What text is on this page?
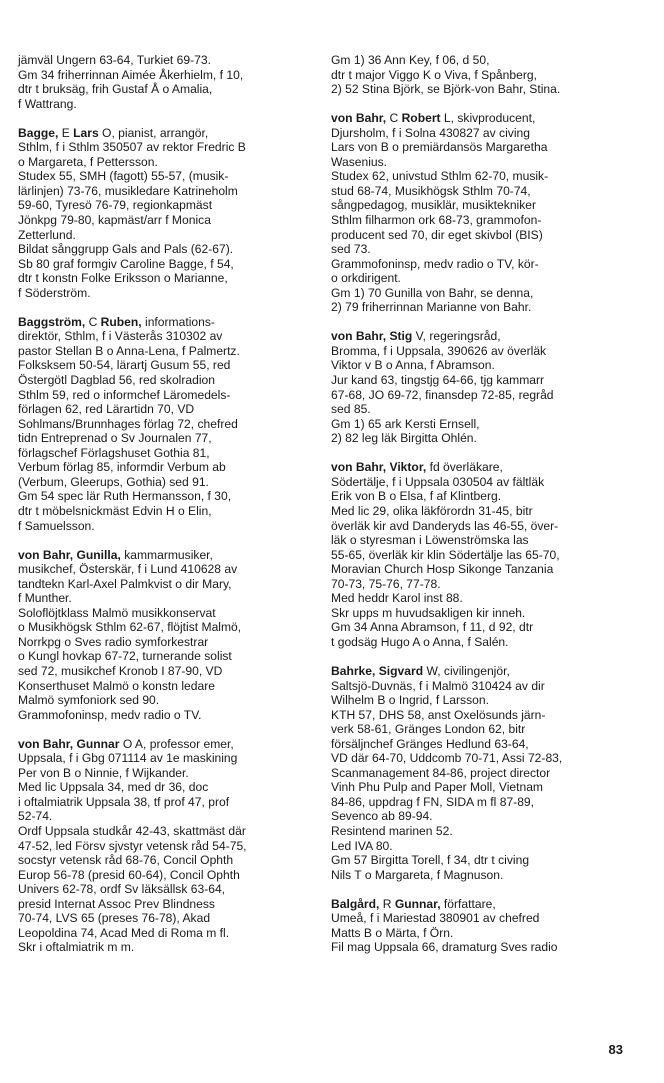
jämväl Ungern 63-64, Turkiet 69-73.
Gm 34 friherrinnan Aimée Åkerhielm, f 10,
dtr t bruksäg, frih Gustaf Å o Amalia,
f Wattrang.
Bagge, E Lars O, pianist, arrangör,
Sthlm, f i Sthlm 350507 av rektor Fredric B
o Margareta, f Pettersson.
Studex 55, SMH (fagott) 55-57, (musik-
lärlinjen) 73-76, musikledare Katrineholm
59-60, Tyresö 76-79, regionkapmäst
Jönkpg 79-80, kapmäst/arr f Monica
Zetterlund.
Bildat sånggrupp Gals and Pals (62-67).
Sb 80 graf formgiv Caroline Bagge, f 54,
dtr t konstn Folke Eriksson o Marianne,
f Söderström.
Baggström, C Ruben, informations-
direktör, Sthlm, f i Västerås 310302 av
pastor Stellan B o Anna-Lena, f Palmertz.
Folksksem 50-54, lärartj Gusum 55, red
Östergötl Dagblad 56, red skolradion
Sthlm 59, red o informchef Läromedels-
förlagen 62, red Lärartidn 70, VD
Sohlmans/Brunnhages förlag 72, chefred
tidn Entreprenad o Sv Journalen 77,
förlagschef Förlagshuset Gothia 81,
Verbum förlag 85, informdir Verbum ab
(Verbum, Gleerups, Gothia) sed 91.
Gm 54 spec lär Ruth Hermansson, f 30,
dtr t möbelsnickmäst Edvin H o Elin,
f Samuelsson.
von Bahr, Gunilla, kammarmusiker,
musikchef, Österskär, f i Lund 410628 av
tandtekn Karl-Axel Palmkvist o dir Mary,
f Munther.
Soloflöjtklass Malmö musikkonservat
o Musikhögsk Sthlm 62-67, flöjtist Malmö,
Norrkpg o Sves radio symforkestrar
o Kungl hovkap 67-72, turnerande solist
sed 72, musikchef Kronob I 87-90, VD
Konserthuset Malmö o konstn ledare
Malmö symfoniork sed 90.
Grammofoninsp, medv radio o TV.
von Bahr, Gunnar O A, professor emer,
Uppsala, f i Gbg 071114 av 1e maskining
Per von B o Ninnie, f Wijkander.
Med lic Uppsala 34, med dr 36, doc
i oftalmiatrik Uppsala 38, tf prof 47, prof
52-74.
Ordf Uppsala studkår 42-43, skattmäst där
47-52, led Försv sjvstyr vetensk råd 54-75,
socstyr vetensk råd 68-76, Concil Ophth
Europ 56-78 (presid 60-64), Concil Ophth
Univers 62-78, ordf Sv läksällsk 63-64,
presid Internat Assoc Prev Blindness
70-74, LVS 65 (preses 76-78), Akad
Leopoldina 74, Acad Med di Roma m fl.
Skr i oftalmiatrik m m.
Gm 1) 36 Ann Key, f 06, d 50,
dtr t major Viggo K o Viva, f Spånberg,
2) 52 Stina Björk, se Björk-von Bahr, Stina.
von Bahr, C Robert L, skivproducent,
Djursholm, f i Solna 430827 av civing
Lars von B o premiärdansös Margaretha
Wasenius.
Studex 62, univstud Sthlm 62-70, musik-
stud 68-74, Musikhögsk Sthlm 70-74,
sångpedagog, musiklär, musiktekniker
Sthlm filharmon ork 68-73, grammofon-
producent sed 70, dir eget skivbol (BIS)
sed 73.
Grammofoninsp, medv radio o TV, kör-
o orkdirigent.
Gm 1) 70 Gunilla von Bahr, se denna,
2) 79 friherrinnan Marianne von Bahr.
von Bahr, Stig V, regeringsråd,
Bromma, f i Uppsala, 390626 av överläk
Viktor v B o Anna, f Abramson.
Jur kand 63, tingstjg 64-66, tjg kammarr
67-68, JO 69-72, finansdep 72-85, regråd
sed 85.
Gm 1) 65 ark Kersti Ernsell,
2) 82 leg läk Birgitta Ohlén.
von Bahr, Viktor, fd överläkare,
Södertälje, f i Uppsala 030504 av fältläk
Erik von B o Elsa, f af Klintberg.
Med lic 29, olika läkförordn 31-45, bitr
överläk kir avd Danderyds las 46-55, över-
läk o styresman i Löwenströmska las
55-65, överläk kir klin Södertälje las 65-70,
Moravian Church Hosp Sikonge Tanzania
70-73, 75-76, 77-78.
Med heddr Karol inst 88.
Skr upps m huvudsakligen kir inneh.
Gm 34 Anna Abramson, f 11, d 92, dtr
t godsäg Hugo A o Anna, f Salén.
Bahrke, Sigvard W, civilingenjör,
Saltsjö-Duvnäs, f i Malmö 310424 av dir
Wilhelm B o Ingrid, f Larsson.
KTH 57, DHS 58, anst Oxelösunds järn-
verk 58-61, Gränges London 62, bitr
försäljnchef Gränges Hedlund 63-64,
VD där 64-70, Uddcomb 70-71, Assi 72-83,
Scanmanagement 84-86, project director
Vinh Phu Pulp and Paper Moll, Vietnam
84-86, uppdrag f FN, SIDA m fl 87-89,
Sevenco ab 89-94.
Resintend marinen 52.
Led IVA 80.
Gm 57 Birgitta Torell, f 34, dtr t civing
Nils T o Margareta, f Magnuson.
Balgård, R Gunnar, författare,
Umeå, f i Mariestad 380901 av chefred
Matts B o Märta, f Örn.
Fil mag Uppsala 66, dramaturg Sves radio
83
